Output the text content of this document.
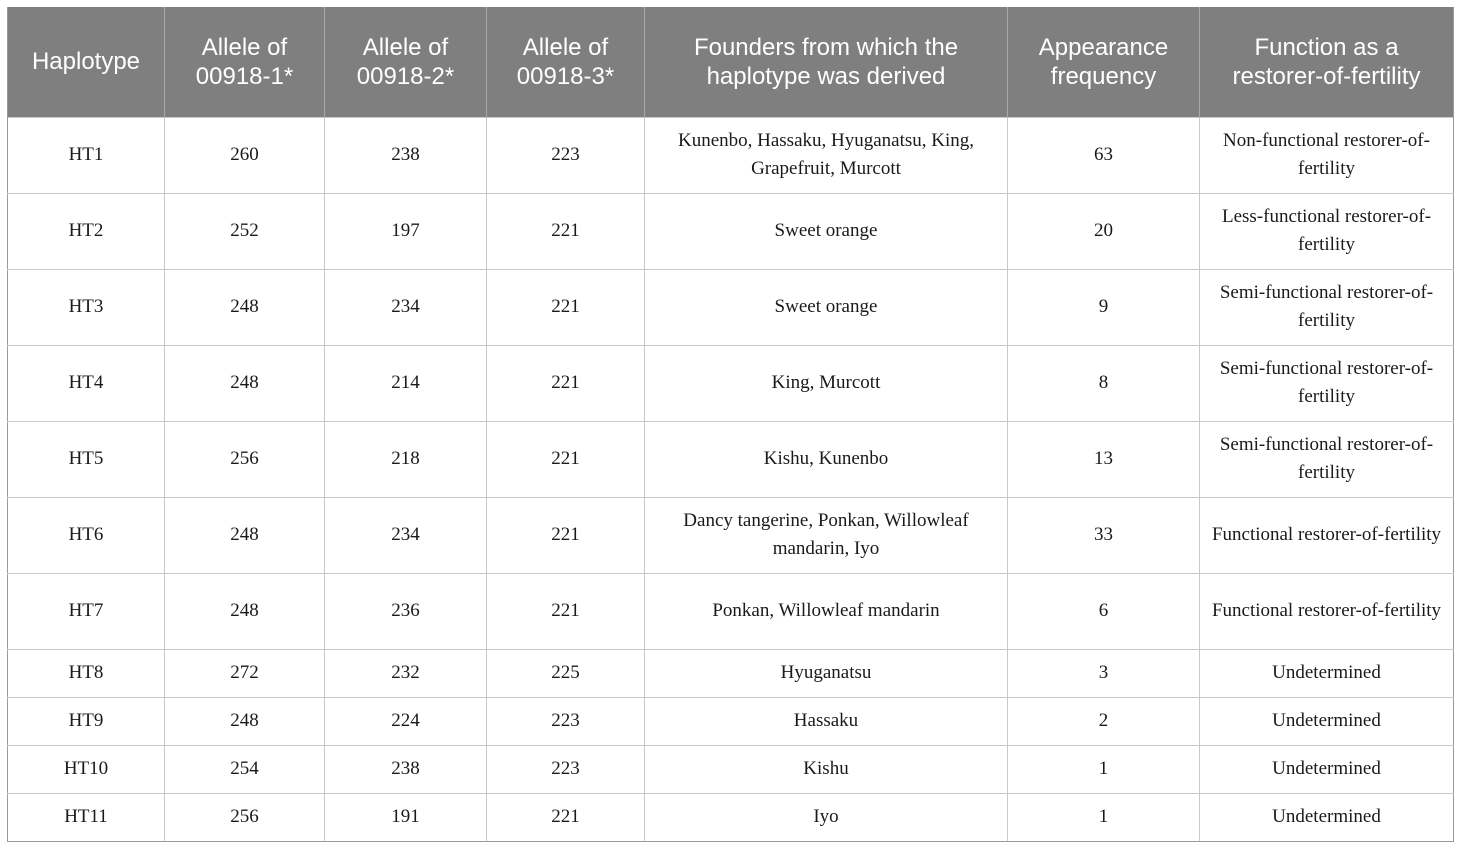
Haplotype	Allele of 00918-1*	Allele of 00918-2*	Allele of 00918-3*	Founders from which the haplotype was derived	Appearance frequency	Function as a restorer-of-fertility
HT1	260	238	223	Kunenbo, Hassaku, Hyuganatsu, King, Grapefruit, Murcott	63	Non-functional restorer-of-fertility
HT2	252	197	221	Sweet orange	20	Less-functional restorer-of-fertility
HT3	248	234	221	Sweet orange	9	Semi-functional restorer-of-fertility
HT4	248	214	221	King, Murcott	8	Semi-functional restorer-of-fertility
HT5	256	218	221	Kishu, Kunenbo	13	Semi-functional restorer-of-fertility
HT6	248	234	221	Dancy tangerine, Ponkan, Willowleaf mandarin, Iyo	33	Functional restorer-of-fertility
HT7	248	236	221	Ponkan, Willowleaf mandarin	6	Functional restorer-of-fertility
HT8	272	232	225	Hyuganatsu	3	Undetermined
HT9	248	224	223	Hassaku	2	Undetermined
HT10	254	238	223	Kishu	1	Undetermined
HT11	256	191	221	Iyo	1	Undetermined
